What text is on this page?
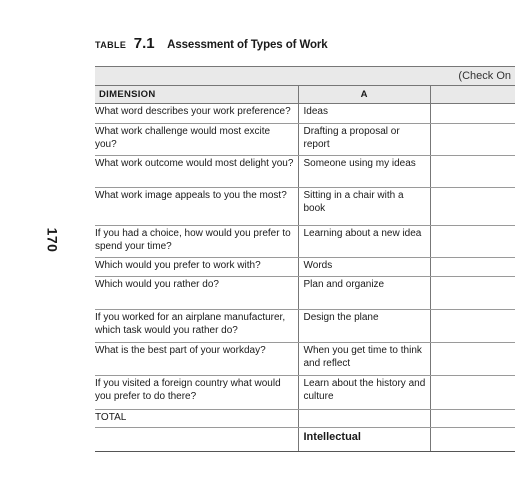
170
TABLE 7.1 Assessment of Types of Work
(Check On		
DIMENSION	A	
What word describes your work preference?	Ideas	
What work challenge would most excite you?	Drafting a proposal or report	
What work outcome would most delight you?	Someone using my ideas	
What work image appeals to you the most?	Sitting in a chair with a book	
If you had a choice, how would you prefer to spend your time?	Learning about a new idea	
Which would you prefer to work with?	Words	
Which would you rather do?	Plan and organize	
If you worked for an airplane manufacturer, which task would you rather do?	Design the plane	
What is the best part of your workday?	When you get time to think and reflect	
If you visited a foreign country what would you prefer to do there?	Learn about the history and culture	
TOTAL		
	Intellectual	
